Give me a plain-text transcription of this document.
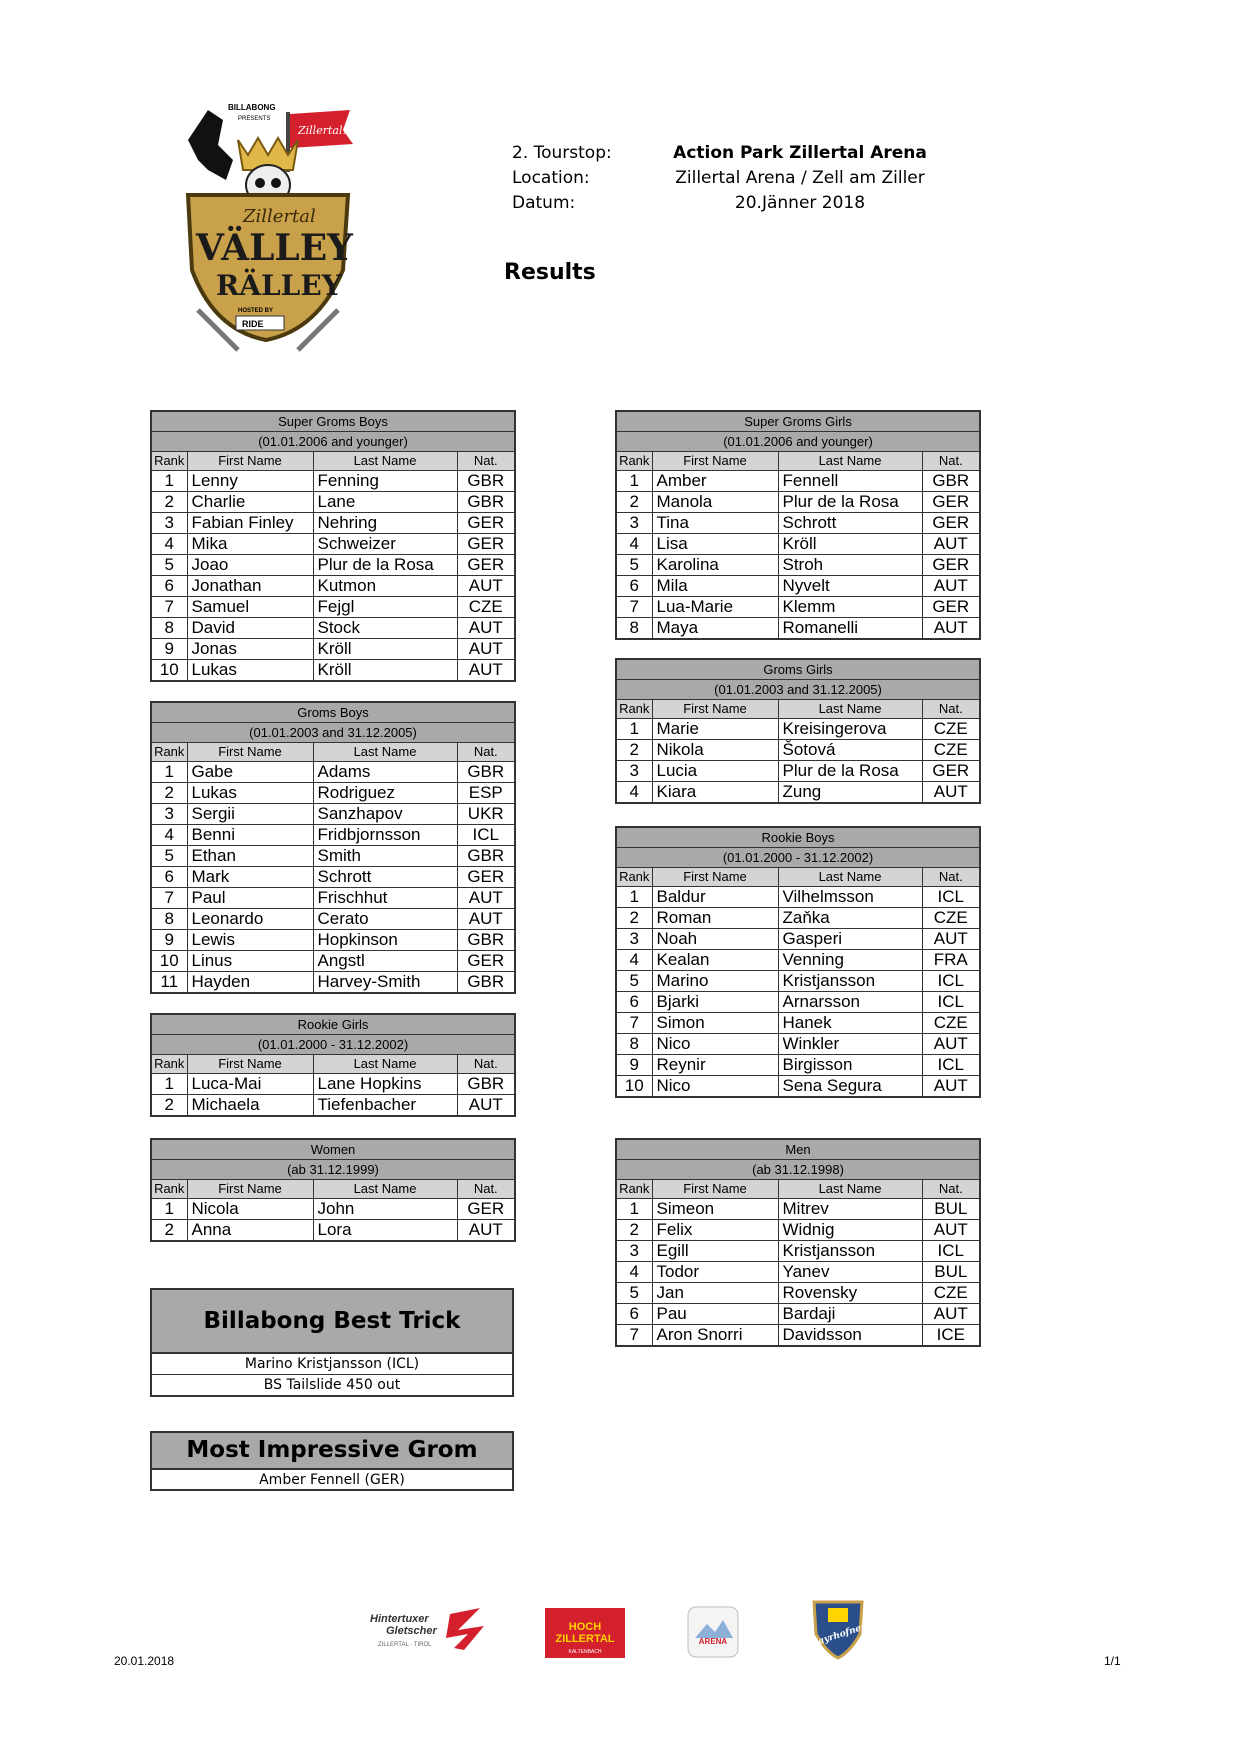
Zillertal.at
BILLABONG
PRESENTS
Zillertal
VÄLLEY
RÄLLEY
HOSTED BY
RIDE
2. Tourstop:	Action Park Zillertal Arena
Location:	Zillertal Arena / Zell am Ziller
Datum:	20.Jänner 2018
Results
Super Groms Boys			
(01.01.2006 and younger)			
Rank	First Name	Last Name	Nat.
1	Lenny	Fenning	GBR
2	Charlie	Lane	GBR
3	Fabian Finley	Nehring	GER
4	Mika	Schweizer	GER
5	Joao	Plur de la Rosa	GER
6	Jonathan	Kutmon	AUT
7	Samuel	Fejgl	CZE
8	David	Stock	AUT
9	Jonas	Kröll	AUT
10	Lukas	Kröll	AUT
Groms Boys			
(01.01.2003 and 31.12.2005)			
Rank	First Name	Last Name	Nat.
1	Gabe	Adams	GBR
2	Lukas	Rodriguez	ESP
3	Sergii	Sanzhapov	UKR
4	Benni	Fridbjornsson	ICL
5	Ethan	Smith	GBR
6	Mark	Schrott	GER
7	Paul	Frischhut	AUT
8	Leonardo	Cerato	AUT
9	Lewis	Hopkinson	GBR
10	Linus	Angstl	GER
11	Hayden	Harvey-Smith	GBR
Rookie Girls			
(01.01.2000 - 31.12.2002)			
Rank	First Name	Last Name	Nat.
1	Luca-Mai	Lane Hopkins	GBR
2	Michaela	Tiefenbacher	AUT
Women			
(ab 31.12.1999)			
Rank	First Name	Last Name	Nat.
1	Nicola	John	GER
2	Anna	Lora	AUT
Super Groms Girls			
(01.01.2006 and younger)			
Rank	First Name	Last Name	Nat.
1	Amber	Fennell	GBR
2	Manola	Plur de la Rosa	GER
3	Tina	Schrott	GER
4	Lisa	Kröll	AUT
5	Karolina	Stroh	GER
6	Mila	Nyvelt	AUT
7	Lua-Marie	Klemm	GER
8	Maya	Romanelli	AUT
Groms Girls			
(01.01.2003 and 31.12.2005)			
Rank	First Name	Last Name	Nat.
1	Marie	Kreisingerova	CZE
2	Nikola	Šotová	CZE
3	Lucia	Plur de la Rosa	GER
4	Kiara	Zung	AUT
Rookie Boys			
(01.01.2000 - 31.12.2002)			
Rank	First Name	Last Name	Nat.
1	Baldur	Vilhelmsson	ICL
2	Roman	Zaňka	CZE
3	Noah	Gasperi	AUT
4	Kealan	Venning	FRA
5	Marino	Kristjansson	ICL
6	Bjarki	Arnarsson	ICL
7	Simon	Hanek	CZE
8	Nico	Winkler	AUT
9	Reynir	Birgisson	ICL
10	Nico	Sena Segura	AUT
Men			
(ab 31.12.1998)			
Rank	First Name	Last Name	Nat.
1	Simeon	Mitrev	BUL
2	Felix	Widnig	AUT
3	Egill	Kristjansson	ICL
4	Todor	Yanev	BUL
5	Jan	Rovensky	CZE
6	Pau	Bardaji	AUT
7	Aron Snorri	Davidsson	ICE
Billabong Best Trick
Marino Kristjansson (ICL)
BS Tailslide 450 out
Most Impressive Grom
Amber Fennell (GER)
Hintertuxer
Gletscher
ZILLERTAL · TIROL
HOCH
ZILLERTAL
KALTENBACH
ARENA	Mayrhofner
20.01.2018	1/1
